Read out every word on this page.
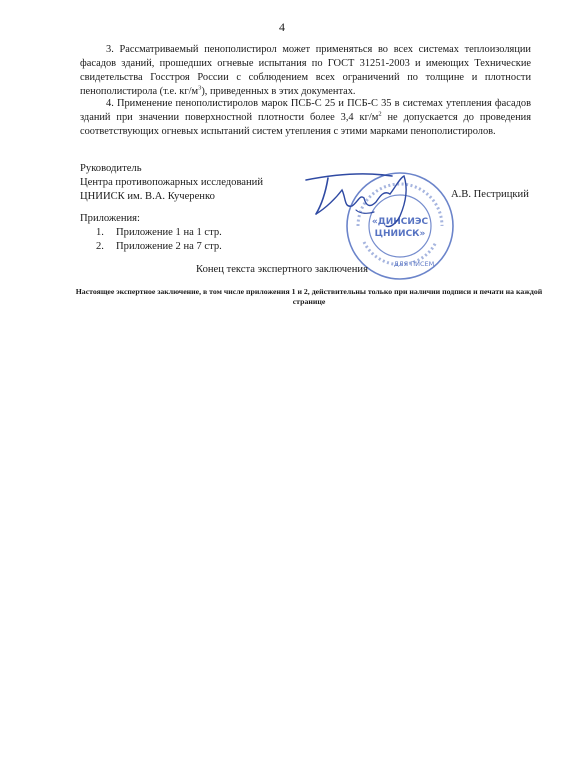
4

3. Рассматриваемый пенополистирол может применяться во всех системах теплоизоляции фасадов зданий, прошедших огневые испытания по ГОСТ 31251-2003 и имеющих Технические свидетельства Госстроя России с соблюдением всех ограничений по толщине и плотности пенополистирола (т.е. $кг/м^3$), приведенных в этих документах.

4. Применение пенополистиролов марок ПСБ-С 25 и ПСБ-С 35 в системах утепления фасадов зданий при значении поверхностной плотности более 3,4 $кг/м^2$ не допускается до проведения соответствующих огневых испытаний систем утепления с этими марками пенополистиролов.

Руководитель
Центра противопожарных исследований
ЦНИИСК им. В.А. Кучеренко
«ДИНСИЭС
ЦНИИСК»
ДЛЯ ПИСЕМ
А.В. Пестрицкий
Приложения:
1. Приложение 1 на 1 стр.
2. Приложение 2 на 7 стр.
Конец текста экспертного заключения
Настоящее экспертное заключение, в том числе приложения 1 и 2, действительны только при наличии подписи и печати на каждой странице
